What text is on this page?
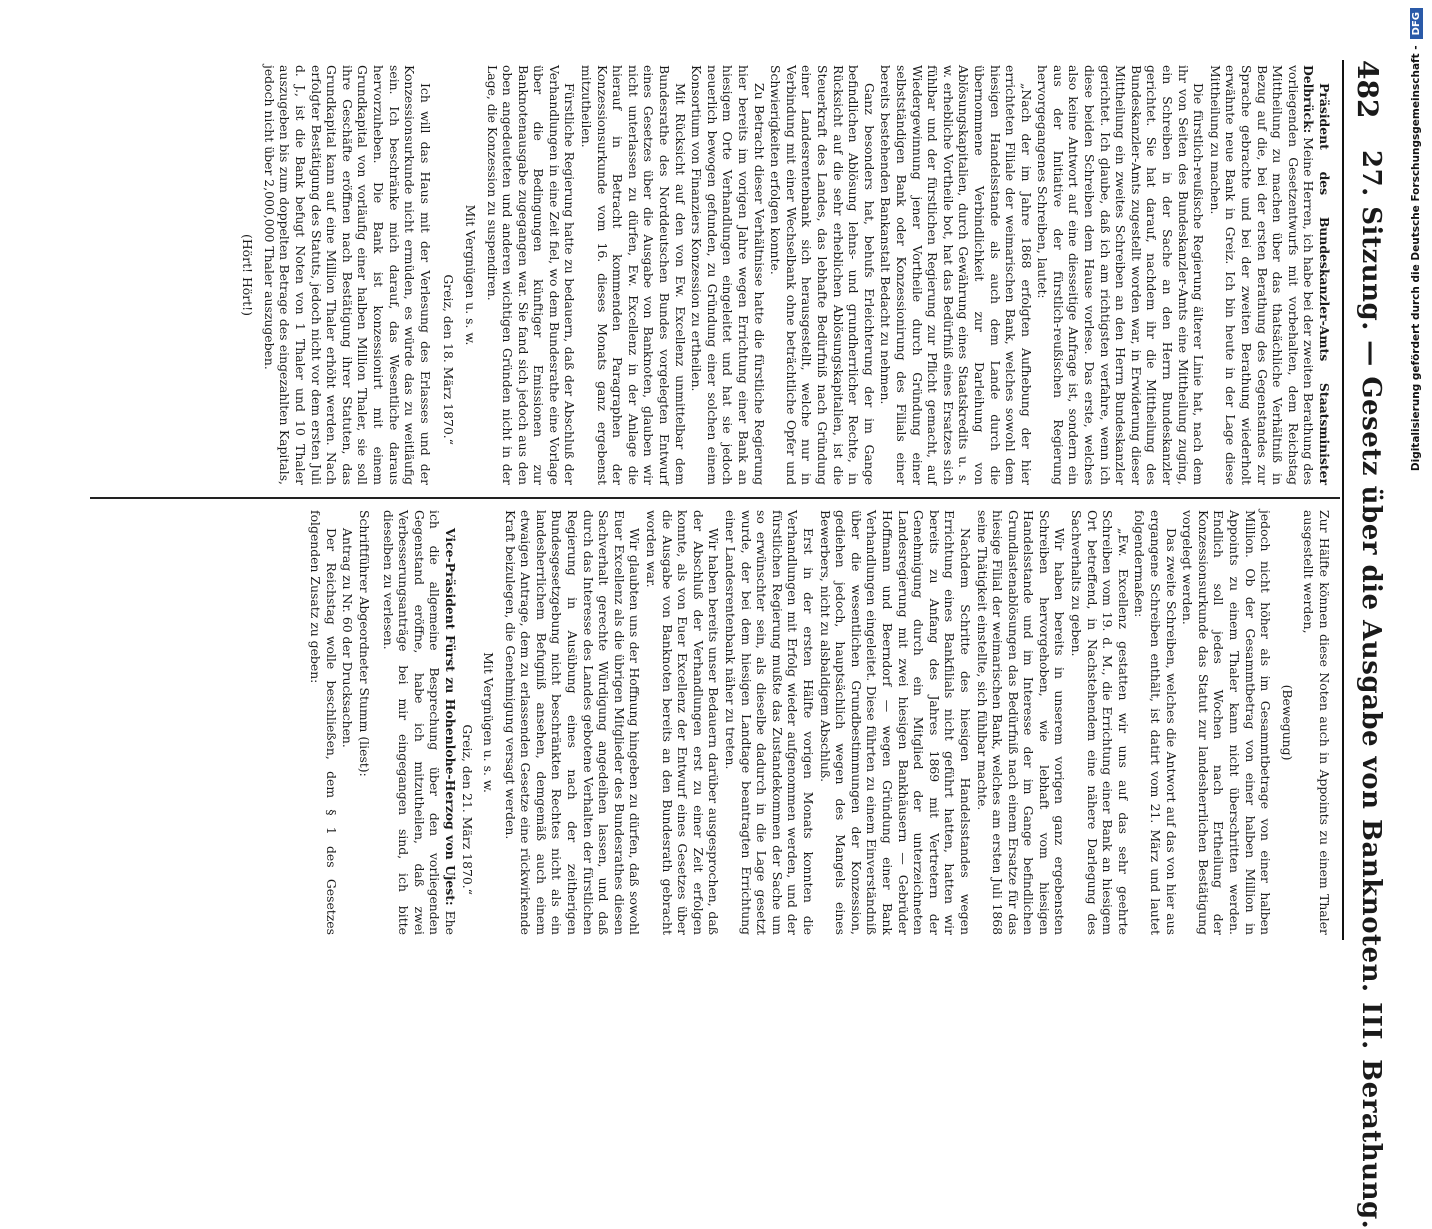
482
27. Sitzung. — Gesetz über die Ausgabe von Banknoten. III. Berathung.

Präsident des Bundeskanzler-Amts Staatsminister Delbrück: Meine Herren, ich habe bei der zweiten Berathung des vorliegenden Gesetzentwurfs mit vorbehalten, dem Reichstag Mittheilung zu machen über das thatsächliche Verhältniß in Bezug auf die, bei der ersten Berathung des Gegenstandes zur Sprache gebrachte und bei der zweiten Berathung wiederholt erwähnte neue Bank in Greiz. Ich bin heute in der Lage diese Mittheilung zu machen.

Die fürstlich-reußische Regierung älterer Linie hat, nach dem ihr von Seiten des Bundeskanzler-Amts eine Mittheilung zuging, ein Schreiben in der Sache an den Herrn Bundeskanzler gerichtet. Sie hat darauf, nachdem ihr die Mittheilung des Bundeskanzler-Amts zugestellt worden war, in Erwiderung dieser Mittheilung ein zweites Schreiben an den Herrn Bundeskanzler gerichtet. Ich glaube, daß ich am richtigsten verfahre, wenn ich diese beiden Schreiben dem Hause vorlese. Das erste, welches also keine Antwort auf eine diesseitige Anfrage ist, sondern ein aus der Initiative der fürstlich-reußischen Regierung hervorgegangenes Schreiben, lautet:

„Nach der im Jahre 1868 erfolgten Aufhebung der hier errichteten Filiale der weimarischen Bank, welches sowohl dem hiesigen Handelsstande als auch dem Lande durch die übernommene Verbindlichkeit zur Darleihung von Ablösungskapitalien, durch Gewährung eines Staatskredits u. s. w. erhebliche Vortheile bot, hat das Bedürfniß eines Ersatzes sich fühlbar und der fürstlichen Regierung zur Pflicht gemacht, auf Wiedergewinnung jener Vortheile durch Gründung einer selbstständigen Bank oder Konzessionirung des Filials einer bereits bestehenden Bankanstalt Bedacht zu nehmen.

Ganz besonders hat, behufs Erleichterung der im Gange befindlichen Ablösung lehns- und grundherrlicher Rechte, in Rücksicht auf die sehr erheblichen Ablösungskapitalien, ist die Steuerkraft des Landes, das lebhafte Bedürfniß nach Gründung einer Landesrentenbank sich herausgestellt, welche nur in Verbindung mit einer Wechselbank ohne beträchtliche Opfer und Schwierigkeiten erfolgen konnte.

Zu Betracht dieser Verhältnisse hatte die fürstliche Regierung hier bereits im vorigen Jahre wegen Errichtung einer Bank an hiesigem Orte Verhandlungen eingeleitet und hat sie jedoch neuerlich bewogen gefunden, zu Gründung einer solchen einem Konsortium von Finanziers Konzession zu ertheilen.

Mit Rücksicht auf den von Ew. Excellenz unmittelbar dem Bundesrathe des Norddeutschen Bundes vorgelegten Entwurf eines Gesetzes über die Ausgabe von Banknoten, glauben wir nicht unterlassen zu dürfen, Ew. Excellenz in der Anlage die hierauf in Betracht kommenden Paragraphen der Konzessionsurkunde vom 16. dieses Monats ganz ergebenst mitzutheilen.

Fürstliche Regierung hatte zu bedauern, daß der Abschluß der Verhandlungen in eine Zeit fiel, wo dem Bundesrathe eine Vorlage über die Bedingungen künftiger Emissionen zur Banknotenausgabe zugegangen war. Sie fand sich jedoch aus den oben angedeuteten und anderen wichtigen Gründen nicht in der Lage, die Konzession zu suspendiren.

Mit Vergnügen u. s. w.

Greiz, den 18. März 1870.“

Ich will das Haus mit der Verlesung des Erlasses und der Konzessionsurkunde nicht ermüden, es würde das zu weitläufig sein. Ich beschränke mich darauf, das Wesentliche daraus hervorzuheben. Die Bank ist konzessionirt mit einem Grundkapital von vorläufig einer halben Million Thaler, sie soll ihre Geschäfte eröffnen nach Bestätigung ihrer Statuten, das Grundkapital kann auf eine Million Thaler erhöht werden. Nach erfolgter Bestätigung des Statuts, jedoch nicht vor dem ersten Juli d. J., ist die Bank befugt Noten von 1 Thaler und 10 Thaler auszugeben bis zum doppelten Betrage des eingezahlten Kapitals, jedoch nicht über 2,000,000 Thaler auszugeben.

(Hört! Hört!)

Zur Hälfte können diese Noten auch in Appoints zu einem Thaler ausgestellt werden,

(Bewegung)

jedoch nicht höher als im Gesammtbetrage von einer halben Million. Ob der Gesammtbetrag von einer halben Million in Appoints zu einem Thaler kann nicht überschritten werden. Endlich soll jedes Wochen nach Ertheilung der Konzessionsurkunde das Statut zur landesherrlichen Bestätigung vorgelegt werden.

Das zweite Schreiben, welches die Antwort auf das von hier aus ergangene Schreiben enthält, ist datirt vom 21. März und lautet folgendermaßen:

„Ew. Excellenz gestatten wir uns auf das sehr geehrte Schreiben vom 19. d. M., die Errichtung einer Bank an hiesigem Ort betreffend, in Nachstehendem eine nähere Darlegung des Sachverhalts zu geben.

Wir haben bereits in unserem vorigen ganz ergebensten Schreiben hervorgehoben, wie lebhaft vom hiesigen Handelsstande und im Interesse der im Gange befindlichen Grundlastenablösungen das Bedürfniß nach einem Ersatze für das hiesige Filial der weimarischen Bank, welches am ersten Juli 1868 seine Thätigkeit einstellte, sich fühlbar machte.

Nachdem Schritte des hiesigen Handelsstandes wegen Errichtung eines Bankfilials nicht geführt hatten, hatten wir bereits zu Anfang des Jahres 1869 mit Vertretern der Genehmigung durch ein Mitglied der unterzeichneten Landesregierung mit zwei hiesigen Bankhäusern — Gebrüder Hoffmann und Beerndorf — wegen Gründung einer Bank Verhandlungen eingeleitet. Diese führten zu einem Einverständniß über die wesentlichen Grundbestimmungen der Konzession, gediehen jedoch, hauptsächlich wegen des Mangels eines Bewerbers, nicht zu alsbaldigem Abschluß.

Erst in der ersten Hälfte vorigen Monats konnten die Verhandlungen mit Erfolg wieder aufgenommen werden, und der fürstlichen Regierung mußte das Zustandekommen der Sache um so erwünschter sein, als dieselbe dadurch in die Lage gesetzt wurde, der bei dem hiesigen Landtage beantragten Errichtung einer Landesrentenbank näher zu treten.

Wir haben bereits unser Bedauern darüber ausgesprochen, daß der Abschluß der Verhandlungen erst zu einer Zeit erfolgen konnte, als von Euer Excellenz der Entwurf eines Gesetzes über die Ausgabe von Banknoten bereits an den Bundesrath gebracht worden war.

Wir glaubten uns der Hoffnung hingeben zu dürfen, daß sowohl Euer Excellenz als die übrigen Mitglieder des Bundesrathes diesen Sachverhalt gerechte Würdigung angedeihen lassen, und daß durch das Interesse des Landes gebotene Verhalten der fürstlichen Regierung in Ausübung eines nach der zeitherigen Bundesgesetzgebung nicht beschränkten Rechtes nicht als ein landesherrlichem Befugniß ansehen, demgemäß auch einem etwaigen Antrage, dem zu erlassenden Gesetze eine rückwirkende Kraft beizulegen, die Genehmigung versagt werden.

Mit Vergnügen u. s. w.

Greiz, den 21. März 1870.“

Vice-Präsident Fürst zu Hohenlohe-Herzog von Ujest: Ehe ich die allgemeine Besprechung über den vorliegenden Gegenstand eröffne, habe ich mitzutheilen, daß zwei Verbesserungsanträge bei mir eingegangen sind, ich bitte dieselben zu verlesen.

Schriftführer Abgeordneter Stumm (liest):

Antrag zu Nr. 60 der Drucksachen.

Der Reichstag wolle beschließen, dem § 1 des Gesetzes folgenden Zusatz zu geben:

Digitalisierung gefördert durch die Deutsche Forschungsgemeinschaft -
DFG
